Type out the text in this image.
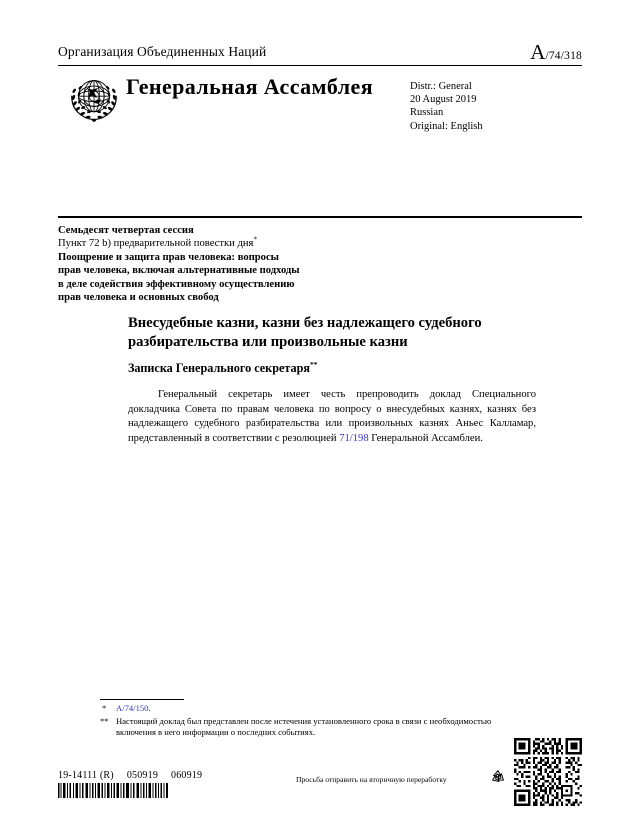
Организация Объединенных Наций	A/74/318
Генеральная Ассамблея	Distr.: General
20 August 2019
Russian
Original: English
Семьдесят четвертая сессия
Пункт 72 b) предварительной повестки дня*
Поощрение и защита прав человека: вопросы
прав человека, включая альтернативные подходы
в деле содействия эффективному осуществлению
прав человека и основных свобод
Внесудебные казни, казни без надлежащего судебного разбирательства или произвольные казни
Записка Генерального секретаря**
Генеральный секретарь имеет честь препроводить доклад Специального докладчика Совета по правам человека по вопросу о внесудебных казнях, казнях без надлежащего судебного разбирательства или произвольных казнях Аньес Калламар, представленный в соответствии с резолюцией 71/198 Генеральной Ассамблеи.
* A/74/150.
** Настоящий доклад был представлен после истечения установленного срока в связи с необходимостью включения в него информации о последних событиях.
19-14111 (R) 050919 060919	Просьба отправить на вторичную переработку
